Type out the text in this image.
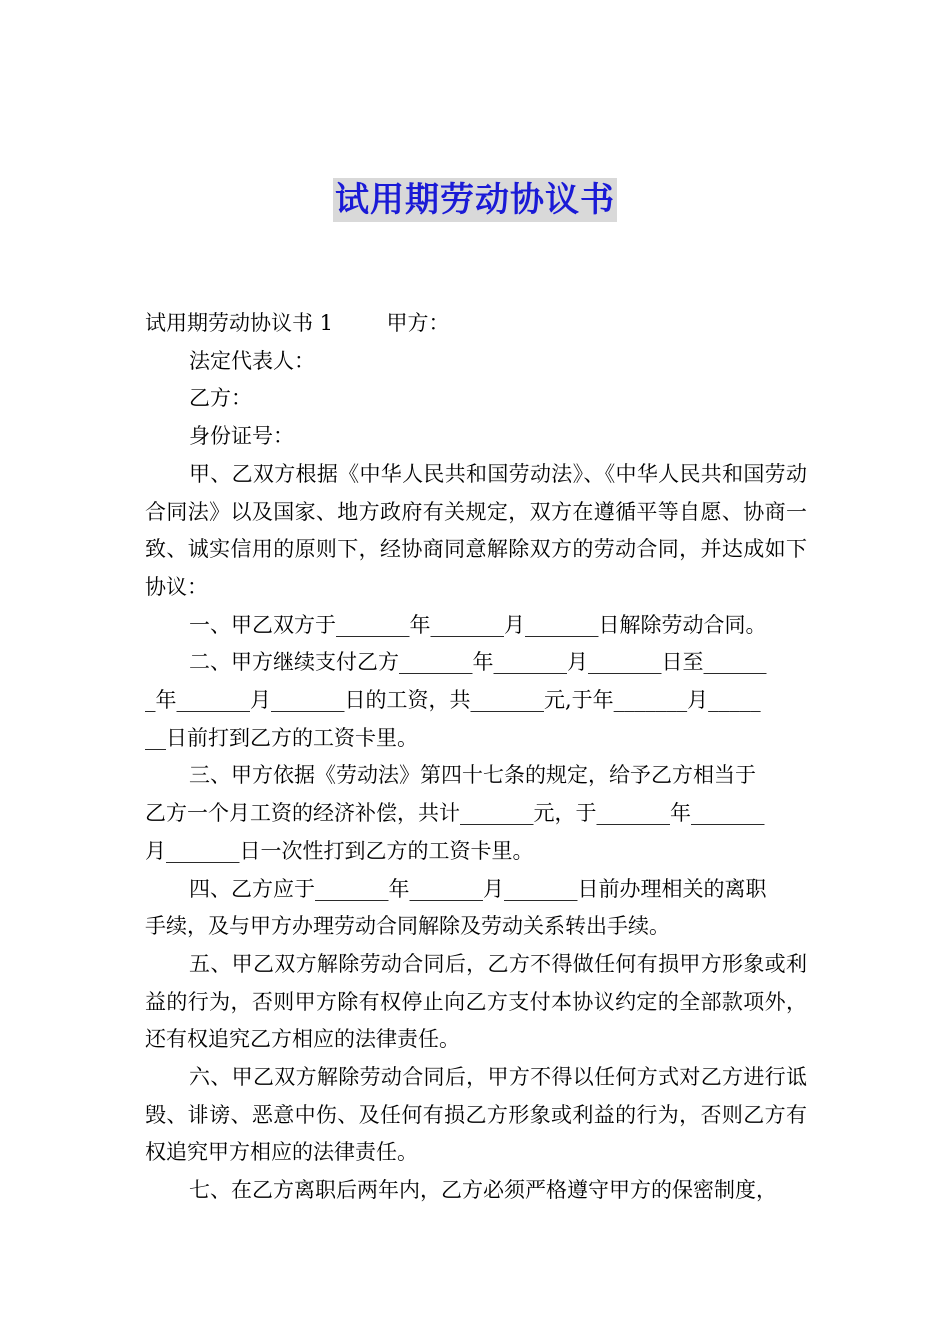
试用期劳动协议书

试用期劳动协议书 1        甲方：

法定代表人：

乙方：

身份证号：

甲、乙双方根据《中华人民共和国劳动法》、《中华人民共和国劳动合同法》以及国家、地方政府有关规定，双方在遵循平等自愿、协商一致、诚实信用的原则下，经协商同意解除双方的劳动合同，并达成如下协议：

一、甲乙双方于_______年_______月_______日解除劳动合同。

二、甲方继续支付乙方_______年_______月_______日至______

_年_______月_______日的工资，共_______元,于年_______月_____

__日前打到乙方的工资卡里。

三、甲方依据《劳动法》第四十七条的规定，给予乙方相当于

乙方一个月工资的经济补偿，共计_______元，于_______年_______

月_______日一次性打到乙方的工资卡里。

四、乙方应于_______年_______月_______日前办理相关的离职

手续，及与甲方办理劳动合同解除及劳动关系转出手续。

五、甲乙双方解除劳动合同后，乙方不得做任何有损甲方形象或利益的行为，否则甲方除有权停止向乙方支付本协议约定的全部款项外，还有权追究乙方相应的法律责任。

六、甲乙双方解除劳动合同后，甲方不得以任何方式对乙方进行诋毁、诽谤、恶意中伤、及任何有损乙方形象或利益的行为，否则乙方有权追究甲方相应的法律责任。

七、在乙方离职后两年内，乙方必须严格遵守甲方的保密制度，
